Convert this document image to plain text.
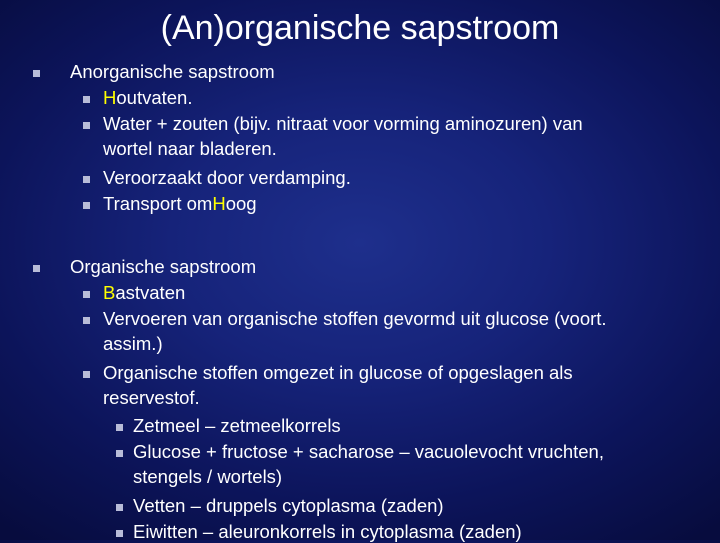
(An)organische sapstroom
Anorganische sapstroom
Houtvaten.
Water + zouten (bijv. nitraat voor vorming aminozuren) van
wortel naar bladeren.
Veroorzaakt door verdamping.
Transport omHoog
Organische sapstroom
Bastvaten
Vervoeren van organische stoffen gevormd uit glucose (voort.
assim.)
Organische stoffen omgezet in glucose of opgeslagen als
reservestof.
Zetmeel – zetmeelkorrels
Glucose + fructose + sacharose – vacuolevocht vruchten,
stengels / wortels)
Vetten – druppels cytoplasma (zaden)
Eiwitten – aleuronkorrels in cytoplasma (zaden)
